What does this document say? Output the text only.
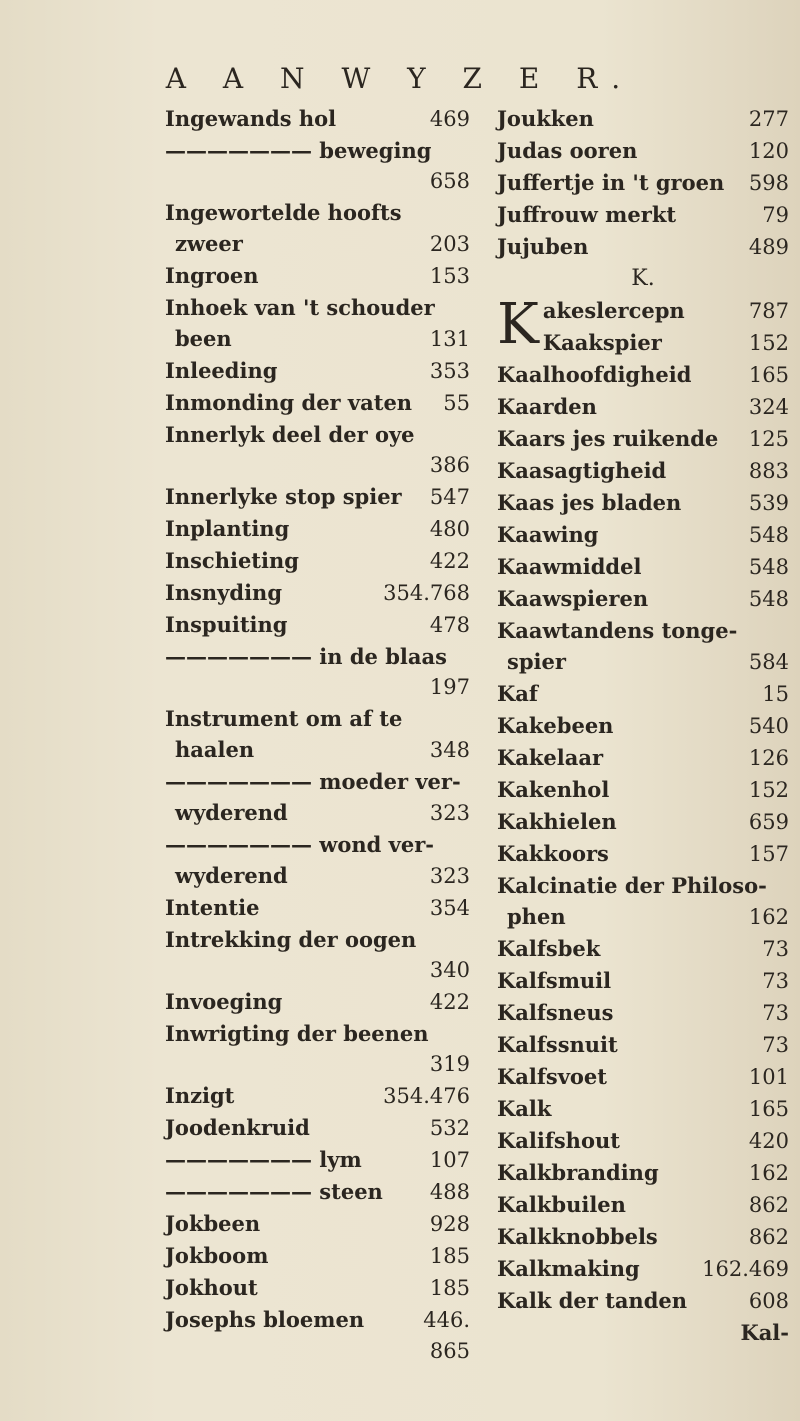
A A N W Y Z E R.
Ingewands hol	469
——————— beweging
658
Ingewortelde hoofts
zweer	203
Ingroen	153
Inhoek van 't schouder
been	131
Inleeding	353
Inmonding der vaten 55
Innerlyk deel der oye
386
Innerlyke stop spier 547
Inplanting	480
Inschieting	422
Insnyding	354.768
Inspuiting	478
——————— in de blaas
197
Instrument om af te
haalen	348
——————— moeder ver-
wyderend	323
——————— wond ver-
wyderend	323
Intentie	354
Intrekking der oogen
340
Invoeging	422
Inwrigting der beenen
319
Inzigt	354.476
Joodenkruid	532
——————— lym	107
——————— steen 488
Jokbeen	928
Jokboom	185
Jokhout	185
Josephs bloemen	446.
865
Joukken	277
Judas ooren	120
Juffertje in 't groen 598
Juffrouw merkt	79
Jujuben	489
K.
K akeslercepn	787
Kaakspier	152
Kaalhoofdigheid	165
Kaarden	324
Kaars jes ruikende 125
Kaasagtigheid	883
Kaas jes bladen	539
Kaawing	548
Kaawmiddel	548
Kaawspieren	548
Kaawtandens tonge-
spier	584
Kaf	15
Kakebeen	540
Kakelaar	126
Kakenhol	152
Kakhielen	659
Kakkoors	157
Kalcinatie der Philoso-
phen	162
Kalfsbek	73
Kalfsmuil	73
Kalfsneus	73
Kalfssnuit	73
Kalfsvoet	101
Kalk	165
Kalifshout	420
Kalkbranding	162
Kalkbuilen	862
Kalkknobbels	862
Kalkmaking	162.469
Kalk der tanden	608
Kal-
